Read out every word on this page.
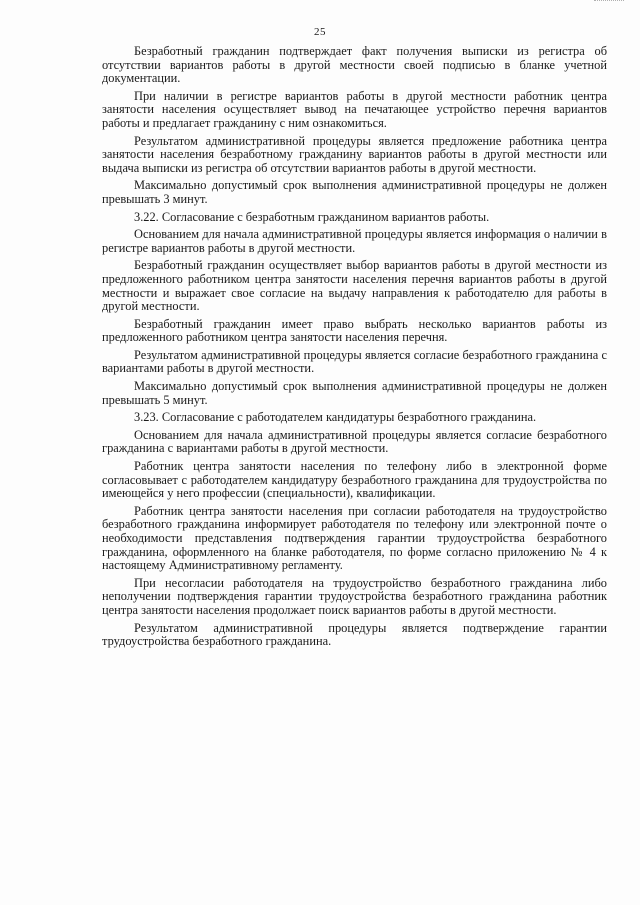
25

Безработный гражданин подтверждает факт получения выписки из регистра об отсутствии вариантов работы в другой местности своей подписью в бланке учетной документации.

При наличии в регистре вариантов работы в другой местности работник центра занятости населения осуществляет вывод на печатающее устройство перечня вариантов работы и предлагает гражданину с ним ознакомиться.

Результатом административной процедуры является предложение работника центра занятости населения безработному гражданину вариантов работы в другой местности или выдача выписки из регистра об отсутствии вариантов работы в другой местности.

Максимально допустимый срок выполнения административной процедуры не должен превышать 3 минут.

3.22. Согласование с безработным гражданином вариантов работы.

Основанием для начала административной процедуры является информация о наличии в регистре вариантов работы в другой местности.

Безработный гражданин осуществляет выбор вариантов работы в другой местности из предложенного работником центра занятости населения перечня вариантов работы в другой местности и выражает свое согласие на выдачу направления к работодателю для работы в другой местности.

Безработный гражданин имеет право выбрать несколько вариантов работы из предложенного работником центра занятости населения перечня.

Результатом административной процедуры является согласие безработного гражданина с вариантами работы в другой местности.

Максимально допустимый срок выполнения административной процедуры не должен превышать 5 минут.

3.23. Согласование с работодателем кандидатуры безработного гражданина.

Основанием для начала административной процедуры является согласие безработного гражданина с вариантами работы в другой местности.

Работник центра занятости населения по телефону либо в электронной форме согласовывает с работодателем кандидатуру безработного гражданина для трудоустройства по имеющейся у него профессии (специальности), квалификации.

Работник центра занятости населения при согласии работодателя на трудоустройство безработного гражданина информирует работодателя по телефону или электронной почте о необходимости представления подтверждения гарантии трудоустройства безработного гражданина, оформленного на бланке работодателя, по форме согласно приложению № 4 к настоящему Административному регламенту.

При несогласии работодателя на трудоустройство безработного гражданина либо неполучении подтверждения гарантии трудоустройства безработного гражданина работник центра занятости населения продолжает поиск вариантов работы в другой местности.

Результатом административной процедуры является подтверждение гарантии трудоустройства безработного гражданина.
